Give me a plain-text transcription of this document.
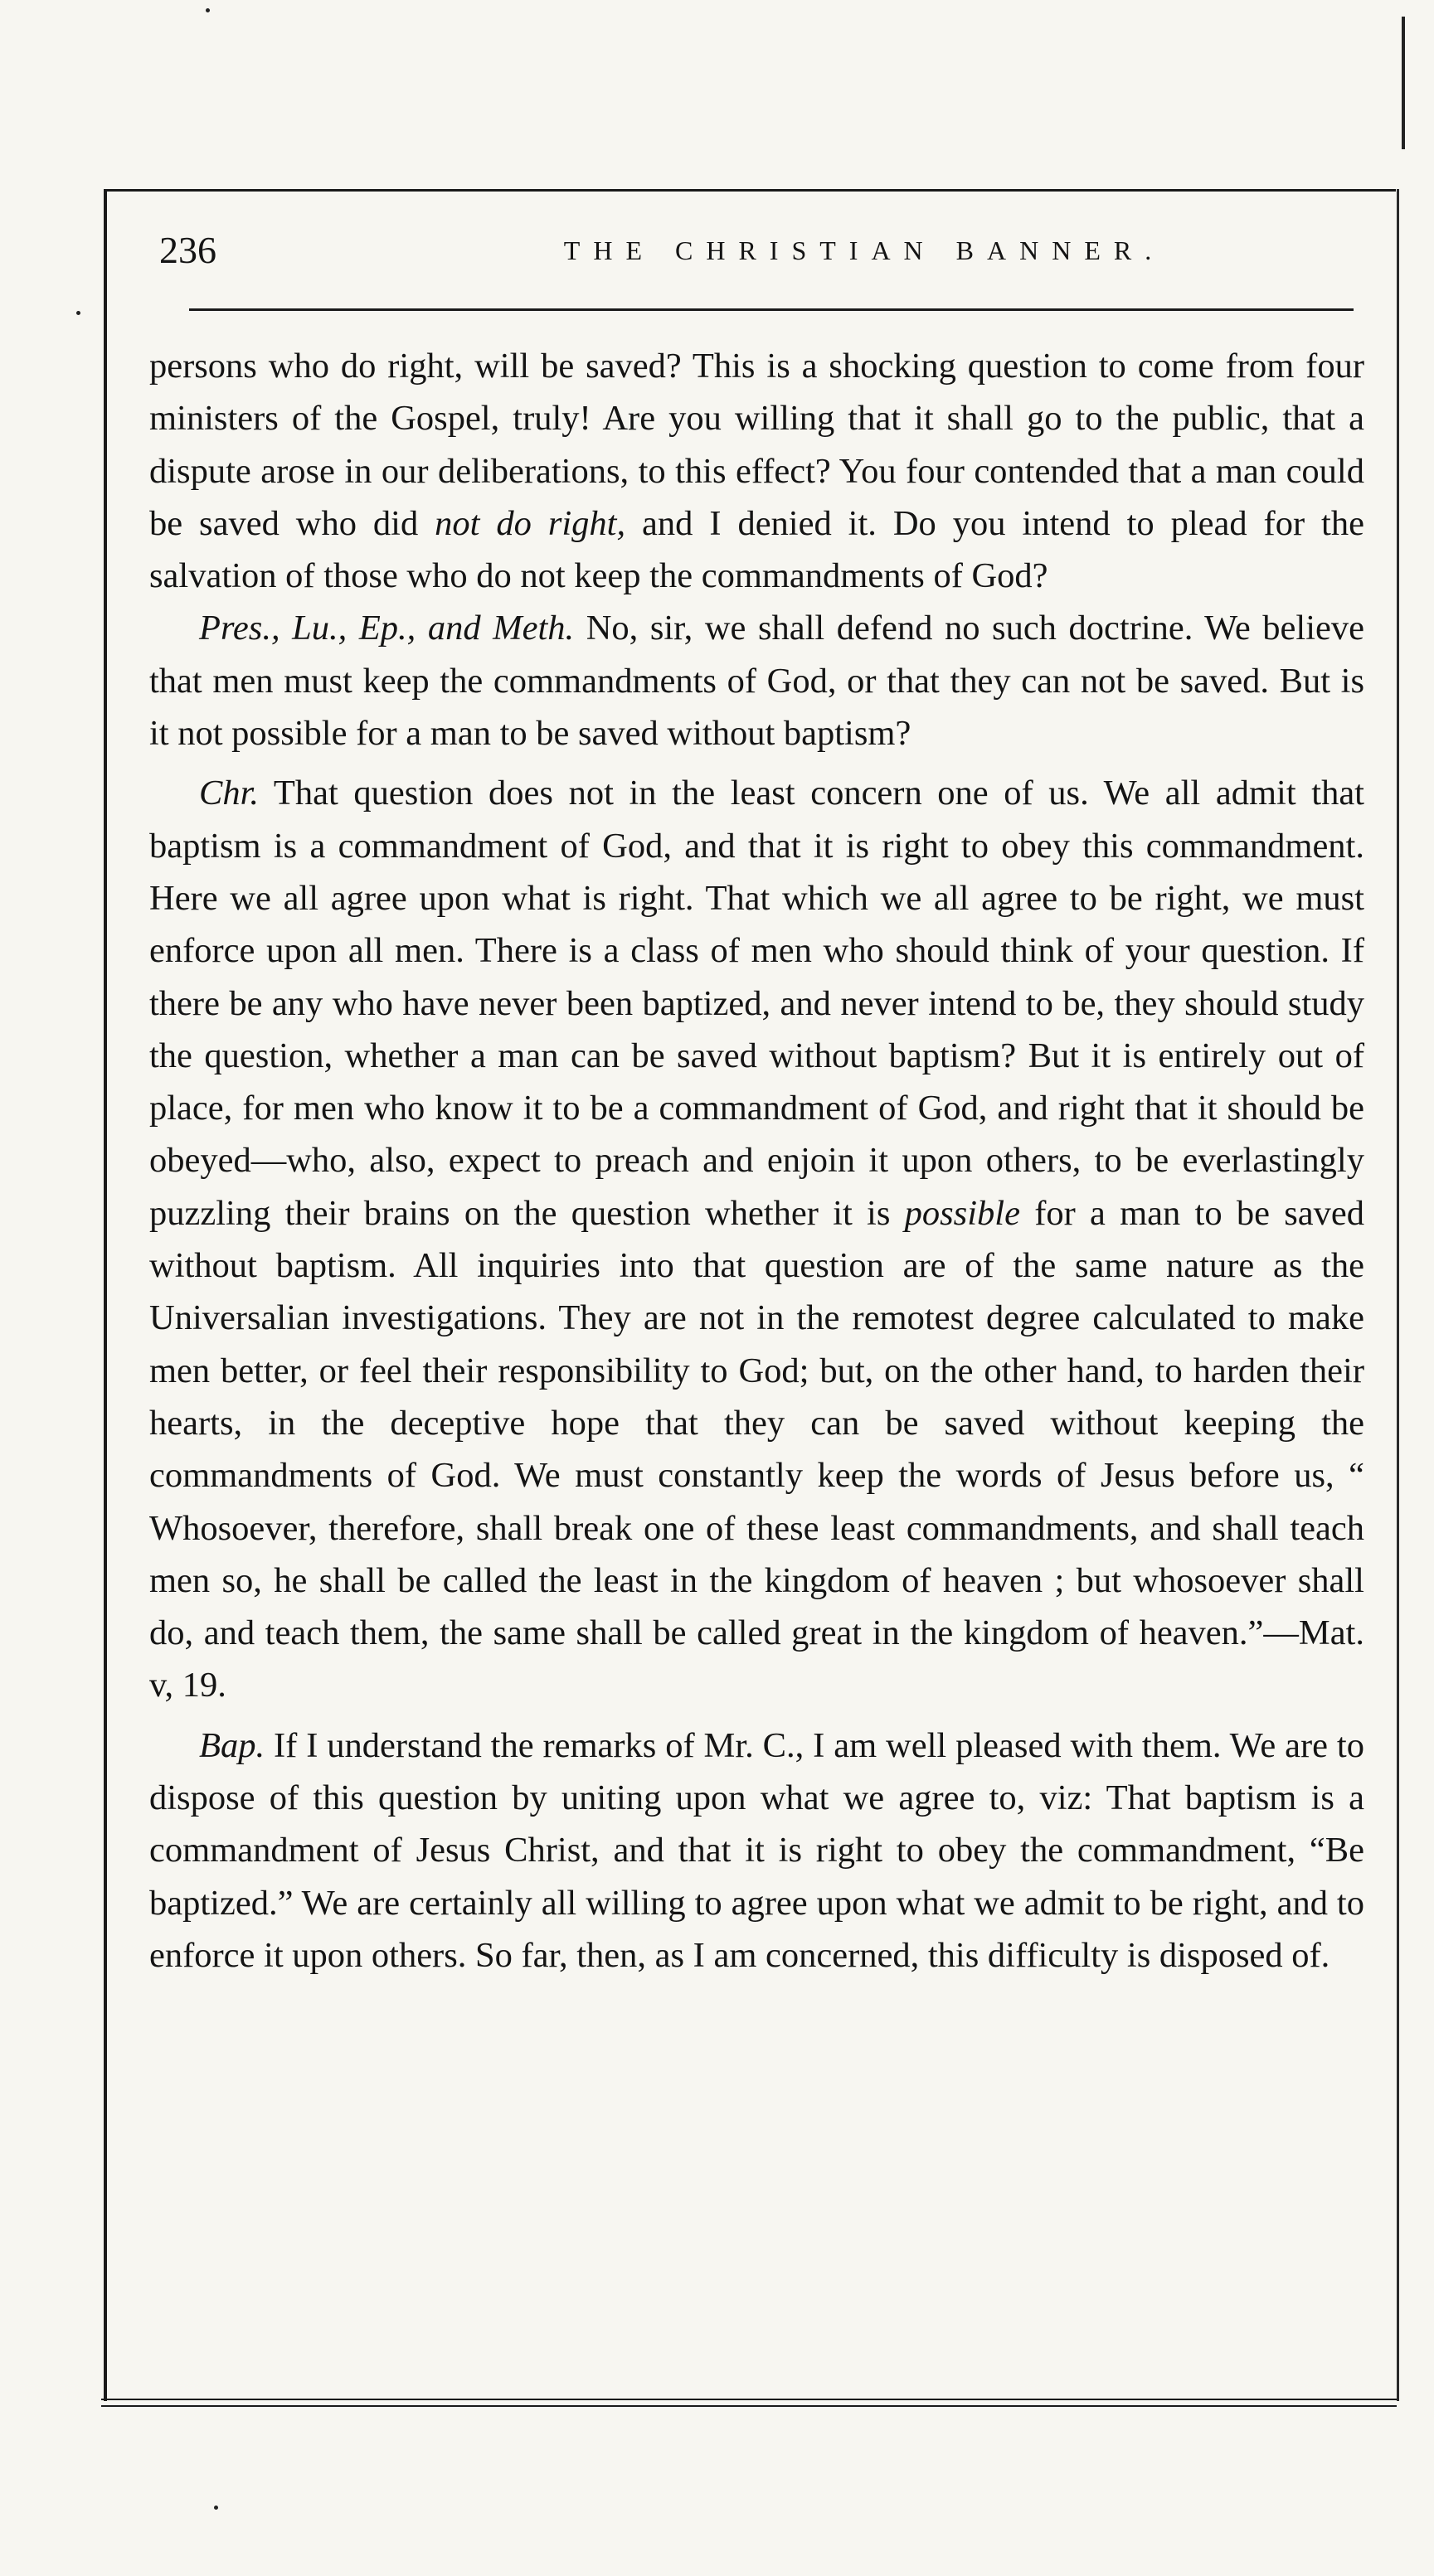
236	THE CHRISTIAN BANNER.

persons who do right, will be saved? This is a shocking question to come from four ministers of the Gospel, truly! Are you willing that it shall go to the public, that a dispute arose in our deliberations, to this effect? You four contended that a man could be saved who did not do right, and I denied it. Do you intend to plead for the salvation of those who do not keep the commandments of God?

Pres., Lu., Ep., and Meth. No, sir, we shall defend no such doctrine. We believe that men must keep the commandments of God, or that they can not be saved. But is it not possible for a man to be saved without baptism?

Chr. That question does not in the least concern one of us. We all admit that baptism is a commandment of God, and that it is right to obey this commandment. Here we all agree upon what is right. That which we all agree to be right, we must enforce upon all men. There is a class of men who should think of your question. If there be any who have never been baptized, and never intend to be, they should study the question, whether a man can be saved without baptism? But it is entirely out of place, for men who know it to be a commandment of God, and right that it should be obeyed—who, also, expect to preach and enjoin it upon others, to be everlastingly puzzling their brains on the question whether it is possible for a man to be saved without baptism. All inquiries into that question are of the same nature as the Universalian investigations. They are not in the remotest degree calculated to make men better, or feel their responsibility to God; but, on the other hand, to harden their hearts, in the deceptive hope that they can be saved without keeping the commandments of God. We must constantly keep the words of Jesus before us, “ Whosoever, therefore, shall break one of these least commandments, and shall teach men so, he shall be called the least in the kingdom of heaven ; but whosoever shall do, and teach them, the same shall be called great in the kingdom of heaven.”—Mat. v, 19.

Bap. If I understand the remarks of Mr. C., I am well pleased with them. We are to dispose of this question by uniting upon what we agree to, viz: That baptism is a commandment of Jesus Christ, and that it is right to obey the commandment, “Be baptized.” We are certainly all willing to agree upon what we admit to be right, and to enforce it upon others. So far, then, as I am concerned, this difficulty is disposed of.
